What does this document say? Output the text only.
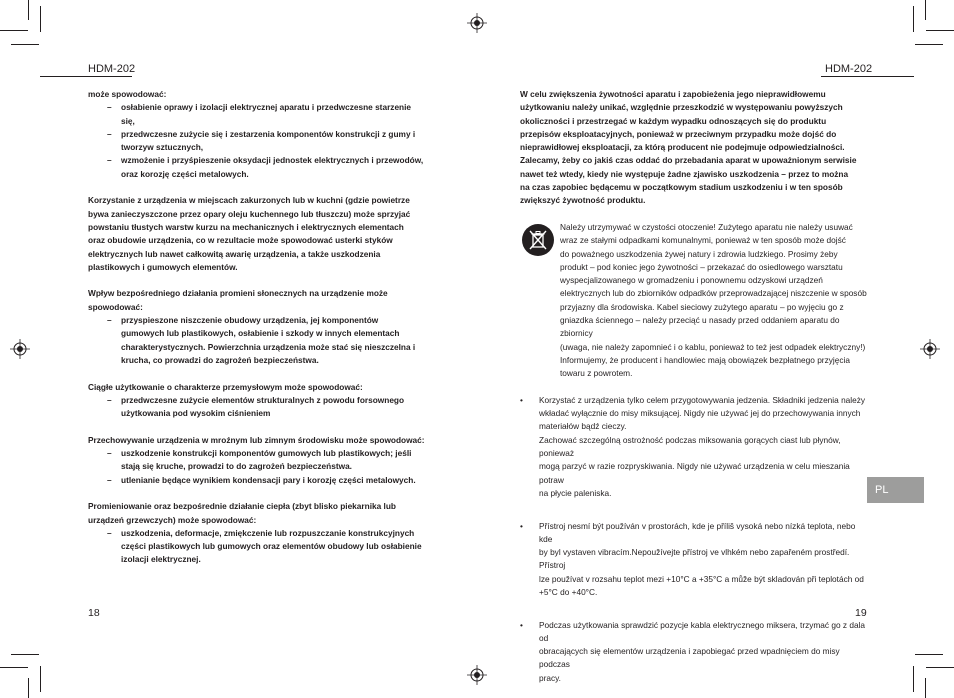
HDM-202	HDM-202
może spowodować:
– osłabienie oprawy i izolacji elektrycznej aparatu i przedwczesne starzenie
się,
– przedwczesne zużycie się i zestarzenia komponentów konstrukcji z gumy i
tworzyw sztucznych,
– wzmożenie i przyśpieszenie oksydacji jednostek elektrycznych i przewodów,
oraz korozję części metalowych.
Korzystanie z urządzenia w miejscach zakurzonych lub w kuchni (gdzie powietrze
bywa zanieczyszczone przez opary oleju kuchennego lub tłuszczu) może sprzyjać
powstaniu tłustych warstw kurzu na mechanicznych i elektrycznych elementach
oraz obudowie urządzenia, co w rezultacie może spowodować usterki styków
elektrycznych lub nawet całkowitą awarię urządzenia, a także uszkodzenia
plastikowych i gumowych elementów.
Wpływ bezpośredniego działania promieni słonecznych na urządzenie może
spowodować:
– przyspieszone niszczenie obudowy urządzenia, jej komponentów
gumowych lub plastikowych, osłabienie i szkody w innych elementach
charakterystycznych. Powierzchnia urządzenia może stać się nieszczelna i
krucha, co prowadzi do zagrożeń bezpieczeństwa.
Ciągłe użytkowanie o charakterze przemysłowym może spowodować:
– przedwczesne zużycie elementów strukturalnych z powodu forsownego
użytkowania pod wysokim ciśnieniem
Przechowywanie urządzenia w mroźnym lub zimnym środowisku może spowodować:
– uszkodzenie konstrukcji komponentów gumowych lub plastikowych; jeśli
stają się kruche, prowadzi to do zagrożeń bezpieczeństwa.
– utlenianie będące wynikiem kondensacji pary i korozję części metalowych.
Promieniowanie oraz bezpośrednie działanie ciepła (zbyt blisko piekarnika lub
urządzeń grzewczych) może spowodować:
– uszkodzenia, deformacje, zmiękczenie lub rozpuszczanie konstrukcyjnych
części plastikowych lub gumowych oraz elementów obudowy lub osłabienie
izolacji elektrycznej.
W celu zwiększenia żywotności aparatu i zapobieżenia jego nieprawidłowemu
użytkowaniu należy unikać, względnie przeszkodzić w występowaniu powyższych
okoliczności i przestrzegać w każdym wypadku odnoszących się do produktu
przepisów eksploatacyjnych, ponieważ w przeciwnym przypadku może dojść do
nieprawidłowej eksploatacji, za którą producent nie podejmuje odpowiedzialności.
Zalecamy, żeby co jakiś czas oddać do przebadania aparat w upoważnionym serwisie
nawet też wtedy, kiedy nie występuje żadne zjawisko uszkodzenia – przez to można
na czas zapobiec będącemu w początkowym stadium uszkodzeniu i w ten sposób
zwiększyć żywotność produktu.
Należy utrzymywać w czystości otoczenie! Zużytego aparatu nie należy usuwać
wraz ze stałymi odpadkami komunalnymi, ponieważ w ten sposób może dojść
do poważnego uszkodzenia żywej natury i zdrowia ludzkiego. Prosimy żeby
produkt – pod koniec jego żywotności – przekazać do osiedlowego warsztatu
wyspecjalizowanego w gromadzeniu i ponownemu odzyskowi urządzeń
elektrycznych lub do zbiorników odpadków przeprowadzającej niszczenie w sposób
przyjazny dla środowiska. Kabel sieciowy zużytego aparatu – po wyjęciu go z
gniazdka ściennego – należy przeciąć u nasady przed oddaniem aparatu do zbiornicy
(uwaga, nie należy zapomnieć i o kablu, ponieważ to też jest odpadek elektryczny!)
Informujemy, że producent i handlowiec mają obowiązek bezpłatnego przyjęcia
towaru z powrotem.
• Korzystać z urządzenia tylko celem przygotowywania jedzenia. Składniki jedzenia należy
wkładać wyłącznie do misy miksującej. Nigdy nie używać jej do przechowywania innych
materiałów bądź cieczy.
Zachować szczególną ostrożność podczas miksowania gorących ciast lub płynów, ponieważ
mogą parzyć w razie rozpryskiwania. Nigdy nie używać urządzenia w celu mieszania potraw
na płycie paleniska.
• Přístroj nesmí být používán v prostorách, kde je příliš vysoká nebo nízká teplota, nebo kde
by byl vystaven vibracím.Nepoužívejte přístroj ve vlhkém nebo zapařeném prostředí. Přístroj
lze používat v rozsahu teplot mezi +10°C a +35°C a může být skladován při teplotách od
+5°C do +40°C.
• Podczas użytkowania sprawdzić pozycje kabla elektrycznego miksera, trzymać go z dala od
obracających się elementów urządzenia i zapobiegać przed wpadnięciem do misy podczas
pracy.
18	19
PL
